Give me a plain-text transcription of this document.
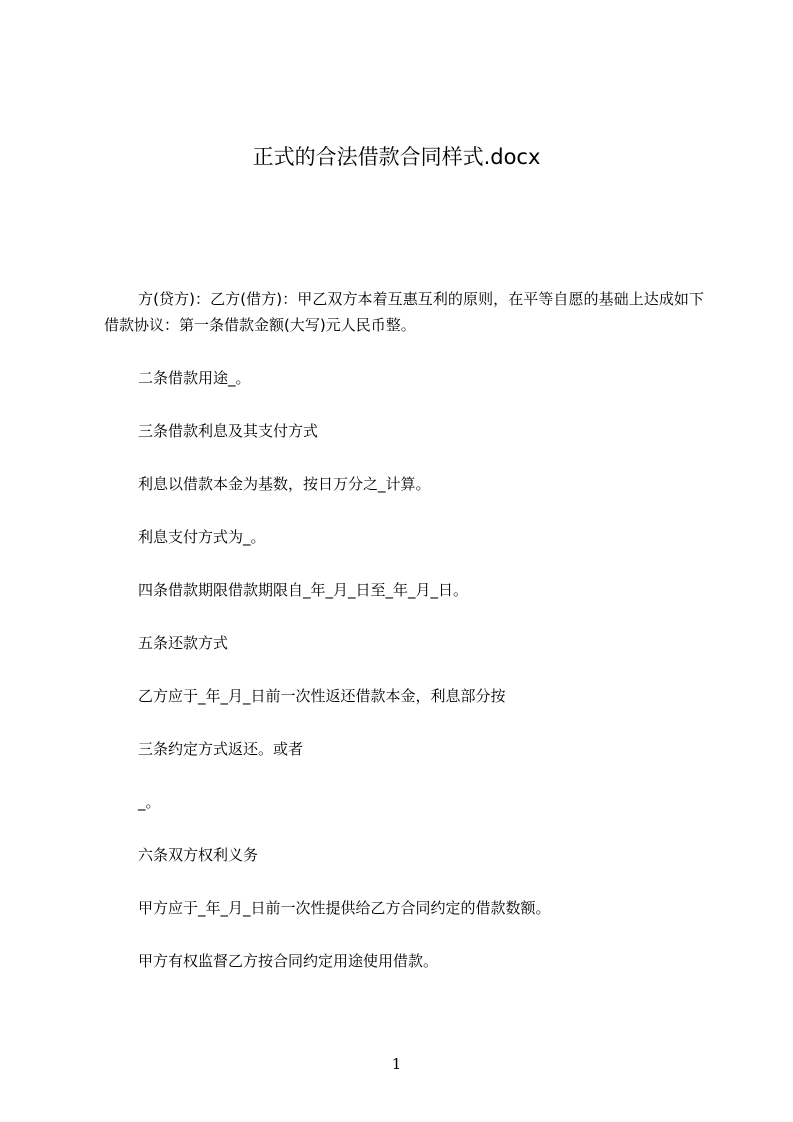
正式的合法借款合同样式.docx

方(贷方)：乙方(借方)：甲乙双方本着互惠互利的原则，在平等自愿的基础上达成如下借款协议：第一条借款金额(大写)元人民币整。

二条借款用途_。

三条借款利息及其支付方式

利息以借款本金为基数，按日万分之_计算。

利息支付方式为_。

四条借款期限借款期限自_年_月_日至_年_月_日。

五条还款方式

乙方应于_年_月_日前一次性返还借款本金，利息部分按

三条约定方式返还。或者

_。

六条双方权利义务

甲方应于_年_月_日前一次性提供给乙方合同约定的借款数额。

甲方有权监督乙方按合同约定用途使用借款。

1
